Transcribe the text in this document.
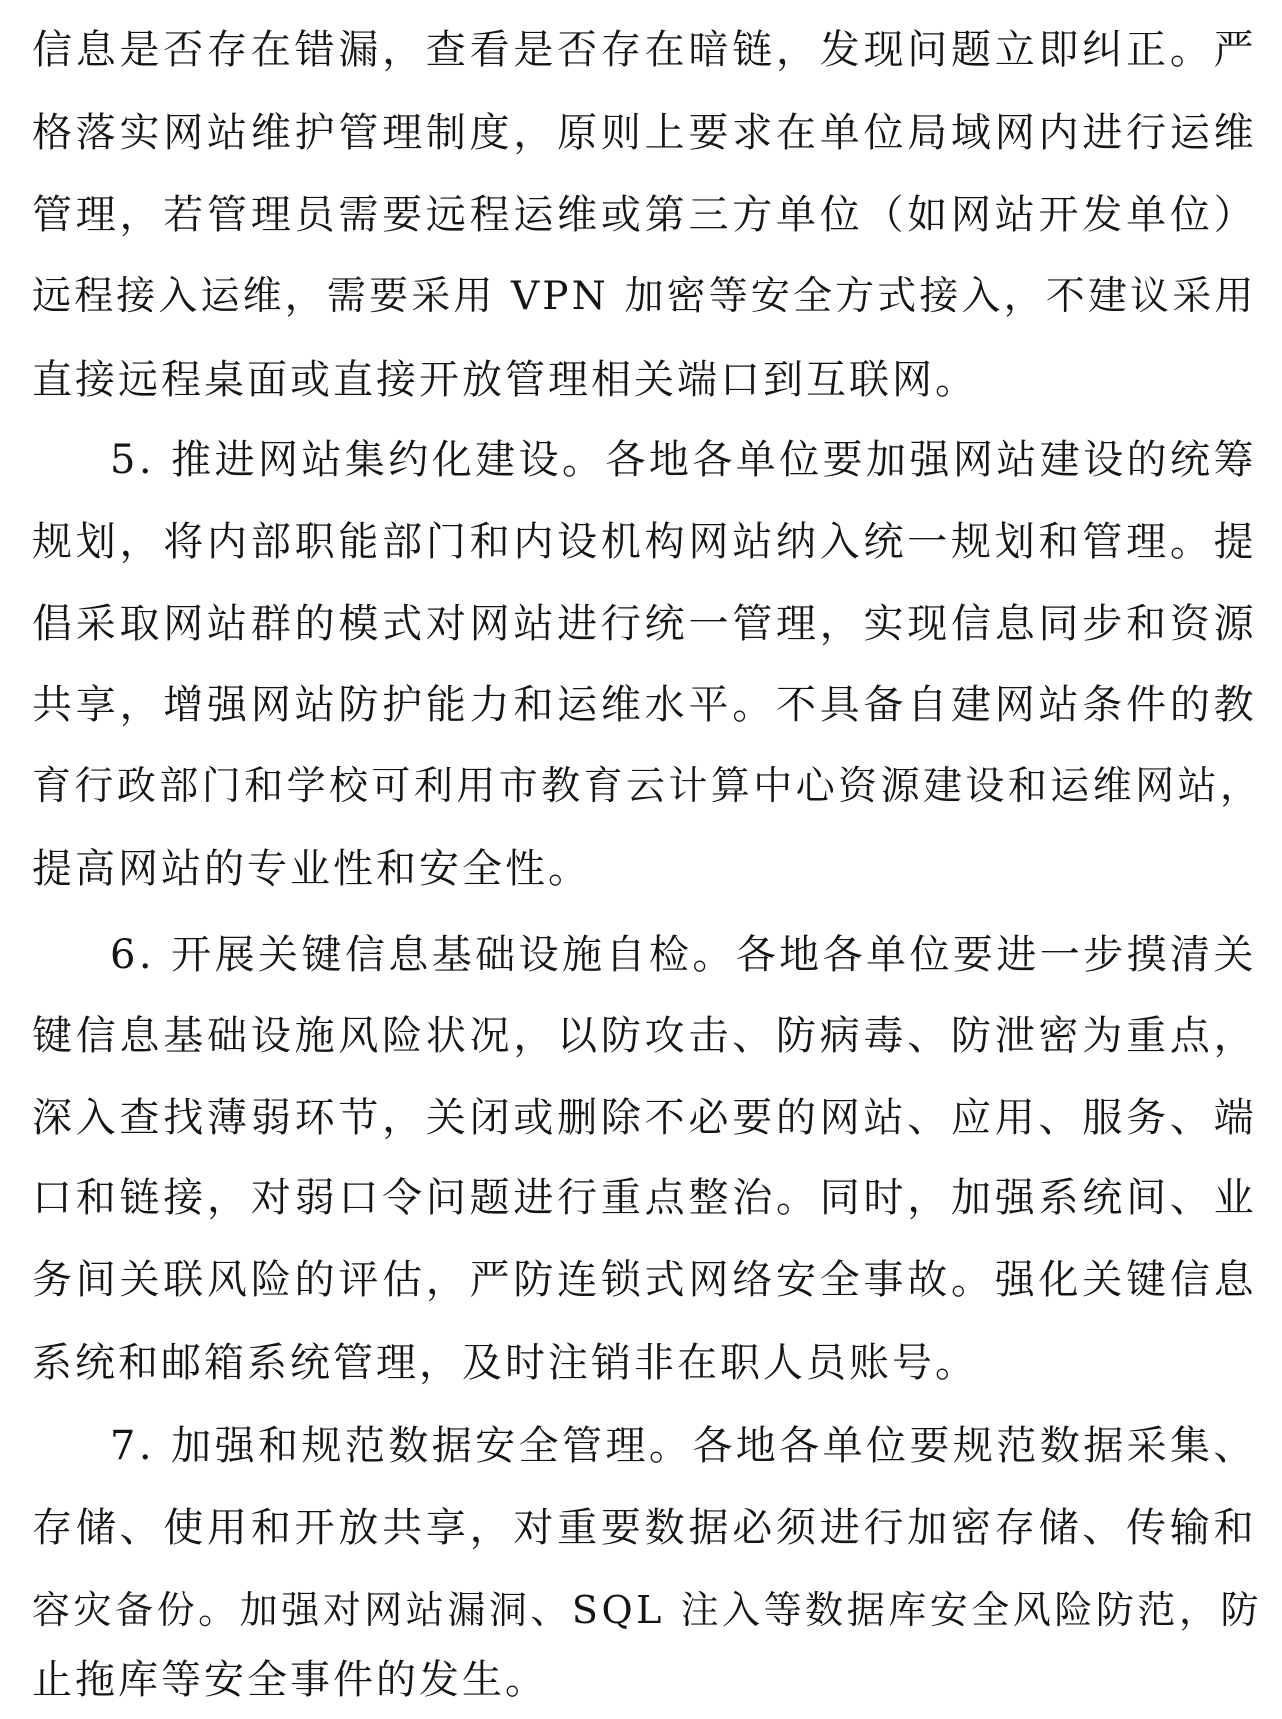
信息是否存在错漏，查看是否存在暗链，发现问题立即纠正。严
格落实网站维护管理制度，原则上要求在单位局域网内进行运维
管理，若管理员需要远程运维或第三方单位（如网站开发单位）
远程接入运维，需要采用 VPN 加密等安全方式接入，不建议采用
直接远程桌面或直接开放管理相关端口到互联网。
5. 推进网站集约化建设。各地各单位要加强网站建设的统筹
规划，将内部职能部门和内设机构网站纳入统一规划和管理。提
倡采取网站群的模式对网站进行统一管理，实现信息同步和资源
共享，增强网站防护能力和运维水平。不具备自建网站条件的教
育行政部门和学校可利用市教育云计算中心资源建设和运维网站，
提高网站的专业性和安全性。
6. 开展关键信息基础设施自检。各地各单位要进一步摸清关
键信息基础设施风险状况，以防攻击、防病毒、防泄密为重点，
深入查找薄弱环节，关闭或删除不必要的网站、应用、服务、端
口和链接，对弱口令问题进行重点整治。同时，加强系统间、业
务间关联风险的评估，严防连锁式网络安全事故。强化关键信息
系统和邮箱系统管理，及时注销非在职人员账号。
7. 加强和规范数据安全管理。各地各单位要规范数据采集、
存储、使用和开放共享，对重要数据必须进行加密存储、传输和
容灾备份。加强对网站漏洞、SQL 注入等数据库安全风险防范，防
止拖库等安全事件的发生。
